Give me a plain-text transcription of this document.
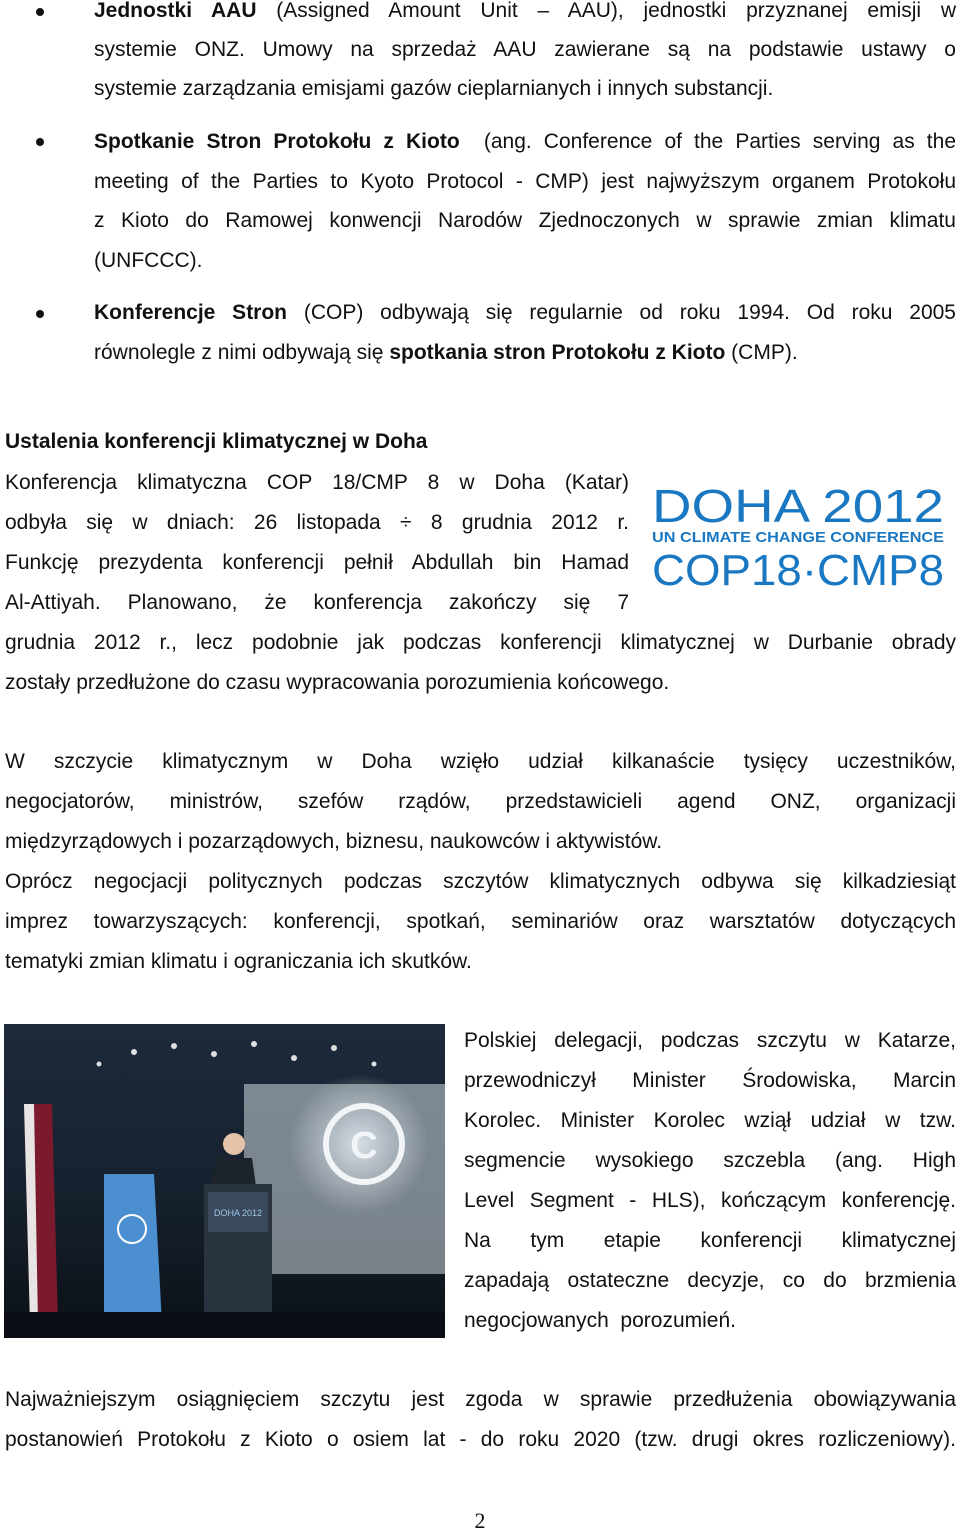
Jednostki AAU (Assigned Amount Unit – AAU), jednostki przyznanej emisji w
systemie ONZ. Umowy na sprzedaż AAU zawierane są na podstawie ustawy o
systemie zarządzania emisjami gazów cieplarnianych i innych substancji.
Spotkanie Stron Protokołu z Kioto  (ang. Conference of the Parties serving as the
meeting of the Parties to Kyoto Protocol - CMP) jest najwyższym organem Protokołu
z Kioto do Ramowej konwencji Narodów Zjednoczonych w sprawie zmian klimatu
(UNFCCC).
Konferencje Stron (COP) odbywają się regularnie od roku 1994. Od roku 2005
równolegle z nimi odbywają się spotkania stron Protokołu z Kioto (CMP).
Ustalenia konferencji klimatycznej w Doha
Konferencja klimatyczna COP 18/CMP 8 w Doha (Katar)
odbyła się w dniach: 26 listopada ÷ 8 grudnia 2012 r.
Funkcję prezydenta konferencji pełnił Abdullah bin Hamad
Al-Attiyah. Planowano, że konferencja zakończy się 7
grudnia 2012 r., lecz podobnie jak podczas konferencji klimatycznej w Durbanie obrady
zostały przedłużone do czasu wypracowania porozumienia końcowego.
DOHA 2012
UN CLIMATE CHANGE CONFERENCE
COP18·CMP8
W szczycie klimatycznym w Doha wzięło udział kilkanaście tysięcy uczestników,
negocjatorów, ministrów, szefów rządów, przedstawicieli agend ONZ, organizacji
międzyrządowych i pozarządowych, biznesu, naukowców i aktywistów.
Oprócz negocjacji politycznych podczas szczytów klimatycznych odbywa się kilkadziesiąt
imprez towarzyszących: konferencji, spotkań, seminariów oraz warsztatów dotyczących
tematyki zmian klimatu i ograniczania ich skutków.
C
DOHA 2012
Polskiej delegacji, podczas szczytu w Katarze,
przewodniczył Minister Środowiska, Marcin
Korolec. Minister Korolec wziął udział w tzw.
segmencie wysokiego szczebla (ang. High
Level Segment - HLS), kończącym konferencję.
Na tym etapie konferencji klimatycznej
zapadają ostateczne decyzje, co do brzmienia
negocjowanych  porozumień.
Najważniejszym osiągnięciem szczytu jest zgoda w sprawie przedłużenia obowiązywania
postanowień Protokołu z Kioto o osiem lat - do roku 2020 (tzw. drugi okres rozliczeniowy).
2
